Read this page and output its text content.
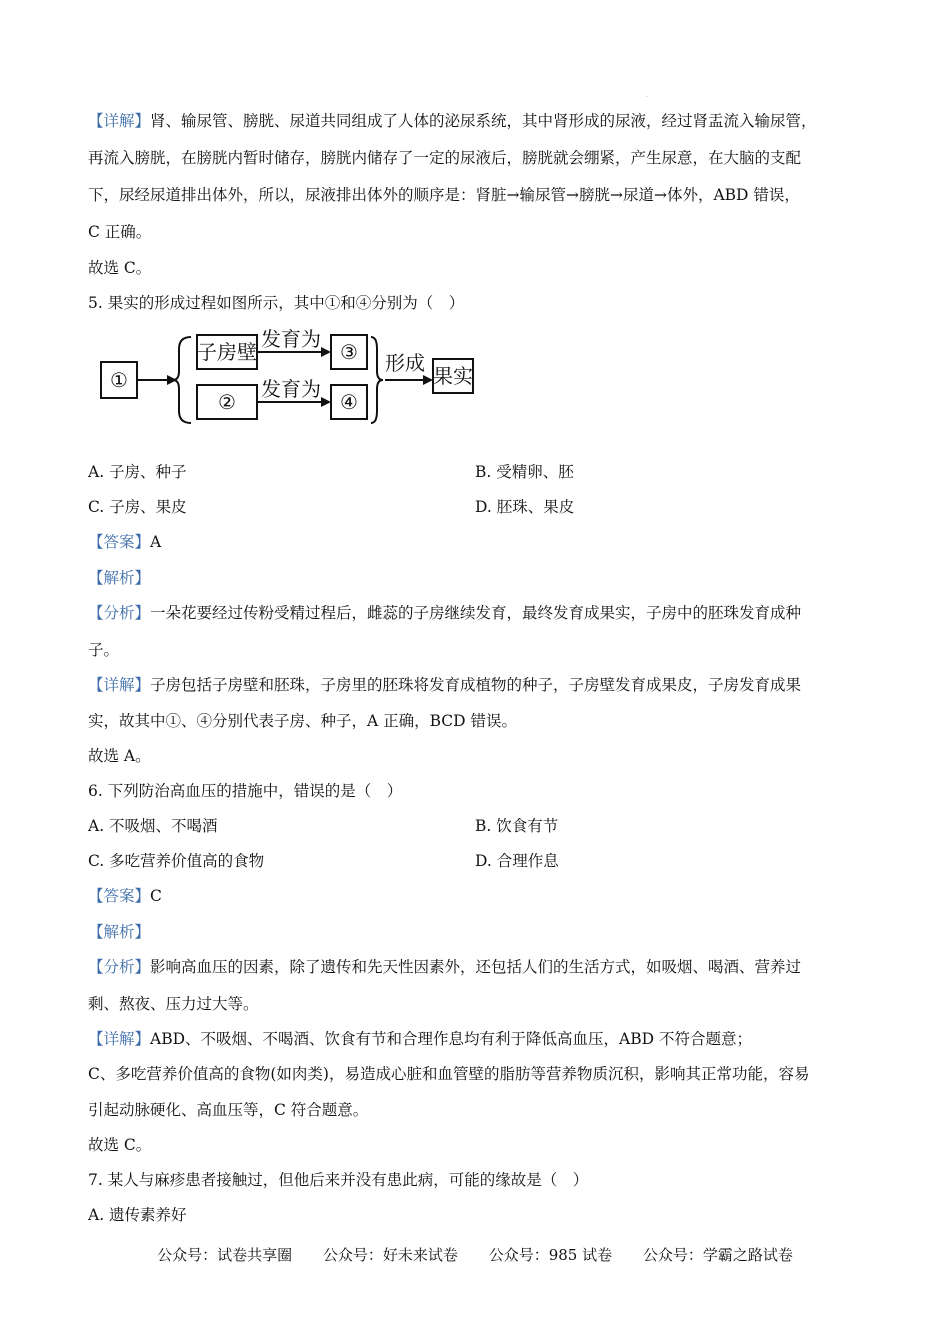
.
【详解】肾、输尿管、膀胱、尿道共同组成了人体的泌尿系统，其中肾形成的尿液，经过肾盂流入输尿管，
再流入膀胱，在膀胱内暂时储存，膀胱内储存了一定的尿液后，膀胱就会绷紧，产生尿意，在大脑的支配
下，尿经尿道排出体外，所以，尿液排出体外的顺序是：肾脏→输尿管→膀胱→尿道→体外，ABD 错误，
C 正确。
故选 C。
5. 果实的形成过程如图所示，其中①和④分别为（　）
①
子房壁
②
③
④
发育为
发育为
形成
果实
A. 子房、种子	B. 受精卵、胚
C. 子房、果皮	D. 胚珠、果皮
【答案】A
【解析】
【分析】一朵花要经过传粉受精过程后，雌蕊的子房继续发育，最终发育成果实，子房中的胚珠发育成种
子。
【详解】子房包括子房壁和胚珠，子房里的胚珠将发育成植物的种子，子房壁发育成果皮，子房发育成果
实，故其中①、④分别代表子房、种子，A 正确，BCD 错误。
故选 A。
6. 下列防治高血压的措施中，错误的是（　）
A. 不吸烟、不喝酒	B. 饮食有节
C. 多吃营养价值高的食物	D. 合理作息
【答案】C
【解析】
【分析】影响高血压的因素，除了遗传和先天性因素外，还包括人们的生活方式，如吸烟、喝酒、营养过
剩、熬夜、压力过大等。
【详解】ABD、不吸烟、不喝酒、饮食有节和合理作息均有利于降低高血压，ABD 不符合题意；
C、多吃营养价值高的食物(如肉类)，易造成心脏和血管壁的脂肪等营养物质沉积，影响其正常功能，容易
引起动脉硬化、高血压等，C 符合题意。
故选 C。
7. 某人与麻疹患者接触过，但他后来并没有患此病，可能的缘故是（　）
A. 遗传素养好
公众号：试卷共享圈 公众号：好未来试卷 公众号：985 试卷 公众号：学霸之路试卷
